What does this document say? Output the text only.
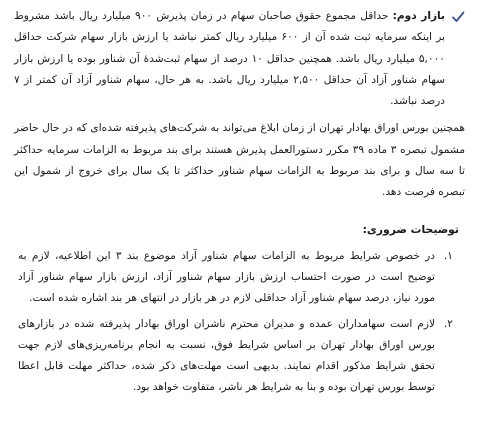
بازار دوم: حداقل مجموع حقوق صاحبان سهام در زمان پذیرش ۹۰۰ میلیارد ریال باشد مشروط بر اینکه سرمایه ثبت شده آن از ۶۰۰ میلیارد ریال کمتر نباشد یا ارزش بازار سهام شرکت حداقل ۵,۰۰۰ میلیارد ریال باشد. همچنین حداقل ۱۰ درصد از سهام ثبت‌شدهٔ آن شناور بوده یا ارزش بازار سهام شناور آزاد آن حداقل ۲,۵۰۰ میلیارد ریال باشد. به هر حال، سهام شناور آزاد آن کمتر از ۷ درصد نباشد.

همچنین بورس اوراق بهادار تهران از زمان ابلاغ می‌تواند به شرکت‌های پذیرفته شده‌ای که در حال حاضر مشمول تبصره ۳ ماده ۳۹ مکرر دستورالعمل پذیرش هستند برای بند مربوط به الزامات سرمایه حداکثر تا سه سال و برای بند مربوط به الزامات سهام شناور حداکثر تا یک سال برای خروج از شمول این تبصره فرصت دهد.

توضیحات ضروری:
۱.

در خصوص شرایط مربوط به الزامات سهام شناور آزاد موضوع بند ۳ این اطلاعیه، لازم به توضیح است در صورت احتساب ارزش بازار سهام شناور آزاد، ارزش بازار سهام شناور آزاد مورد نیاز، درصد سهام شناور آزاد حداقلی لازم در هر بازار در انتهای هر بند اشاره شده است.

۲.

لازم است سهامداران عمده و مدیران محترم ناشران اوراق بهادار پذیرفته شده در بازارهای بورس اوراق بهادار تهران بر اساس شرایط فوق، نسبت به انجام برنامه‌ریزی‌های لازم جهت تحقق شرایط مذکور اقدام نمایند. بدیهی است مهلت‌های ذکر شده، حداکثر مهلت قابل اعطا توسط بورس تهران بوده و بنا به شرایط هر ناشر، متفاوت خواهد بود.
